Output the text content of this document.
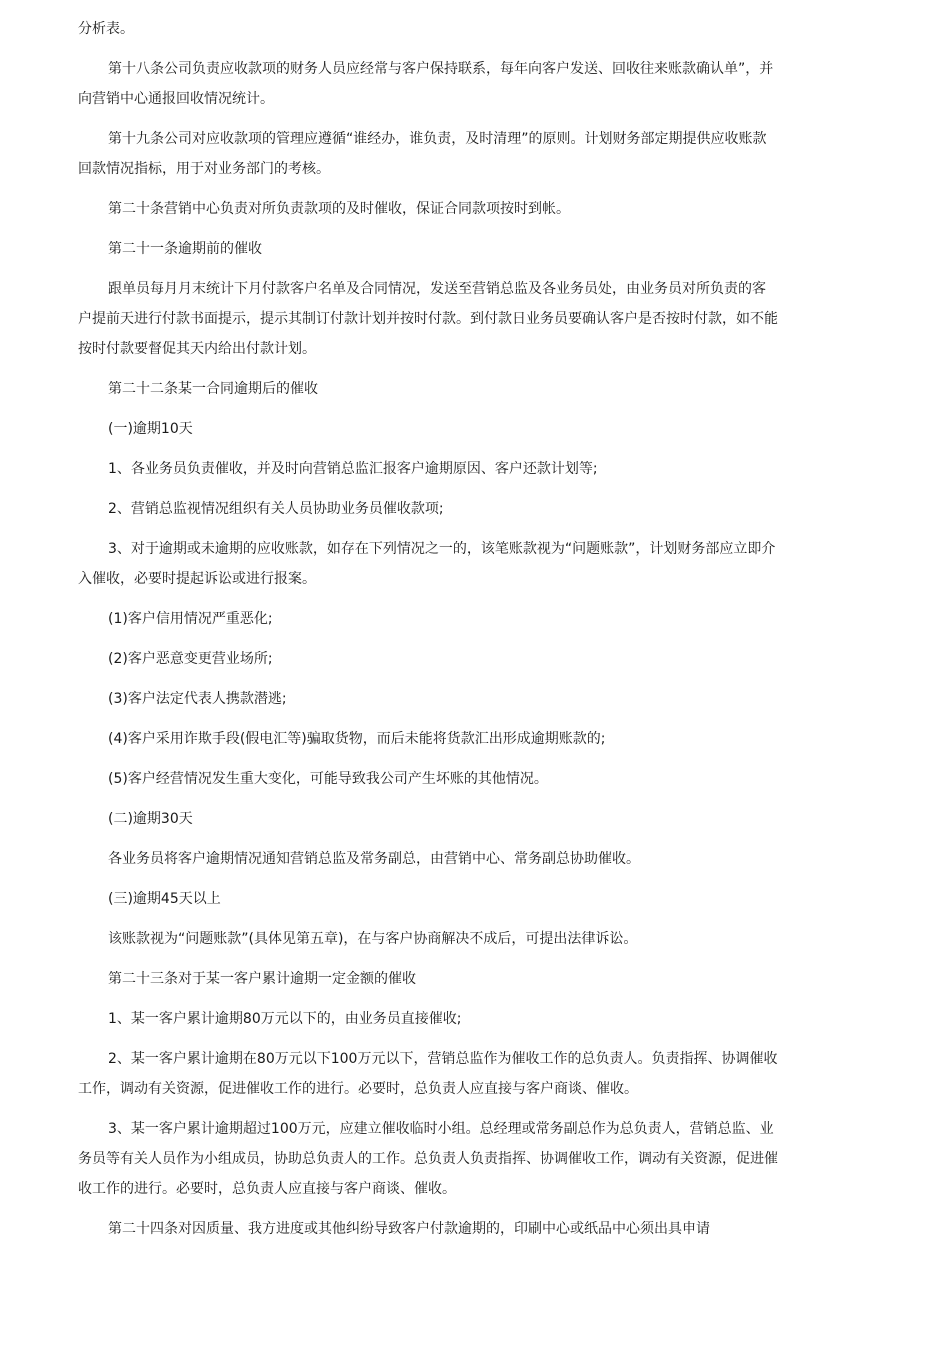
分析表。

第十八条公司负责应收款项的财务人员应经常与客户保持联系，每年向客户发送、回收往来账款确认单”，并向营销中心通报回收情况统计。

第十九条公司对应收款项的管理应遵循“谁经办，谁负责，及时清理”的原则。计划财务部定期提供应收账款回款情况指标，用于对业务部门的考核。

第二十条营销中心负责对所负责款项的及时催收，保证合同款项按时到帐。

第二十一条逾期前的催收

跟单员每月月末统计下月付款客户名单及合同情况，发送至营销总监及各业务员处，由业务员对所负责的客户提前天进行付款书面提示，提示其制订付款计划并按时付款。到付款日业务员要确认客户是否按时付款，如不能按时付款要督促其天内给出付款计划。

第二十二条某一合同逾期后的催收

(一)逾期10天

1、各业务员负责催收，并及时向营销总监汇报客户逾期原因、客户还款计划等;

2、营销总监视情况组织有关人员协助业务员催收款项;

3、对于逾期或未逾期的应收账款，如存在下列情况之一的，该笔账款视为“问题账款”，计划财务部应立即介入催收，必要时提起诉讼或进行报案。

(1)客户信用情况严重恶化;

(2)客户恶意变更营业场所;

(3)客户法定代表人携款潜逃;

(4)客户采用诈欺手段(假电汇等)骗取货物，而后未能将货款汇出形成逾期账款的;

(5)客户经营情况发生重大变化，可能导致我公司产生坏账的其他情况。

(二)逾期30天

各业务员将客户逾期情况通知营销总监及常务副总，由营销中心、常务副总协助催收。

(三)逾期45天以上

该账款视为“问题账款”(具体见第五章)，在与客户协商解决不成后，可提出法律诉讼。

第二十三条对于某一客户累计逾期一定金额的催收

1、某一客户累计逾期80万元以下的，由业务员直接催收;

2、某一客户累计逾期在80万元以下100万元以下，营销总监作为催收工作的总负责人。负责指挥、协调催收工作，调动有关资源，促进催收工作的进行。必要时，总负责人应直接与客户商谈、催收。

3、某一客户累计逾期超过100万元，应建立催收临时小组。总经理或常务副总作为总负责人，营销总监、业务员等有关人员作为小组成员，协助总负责人的工作。总负责人负责指挥、协调催收工作，调动有关资源，促进催收工作的进行。必要时，总负责人应直接与客户商谈、催收。

第二十四条对因质量、我方进度或其他纠纷导致客户付款逾期的，印刷中心或纸品中心须出具申请
